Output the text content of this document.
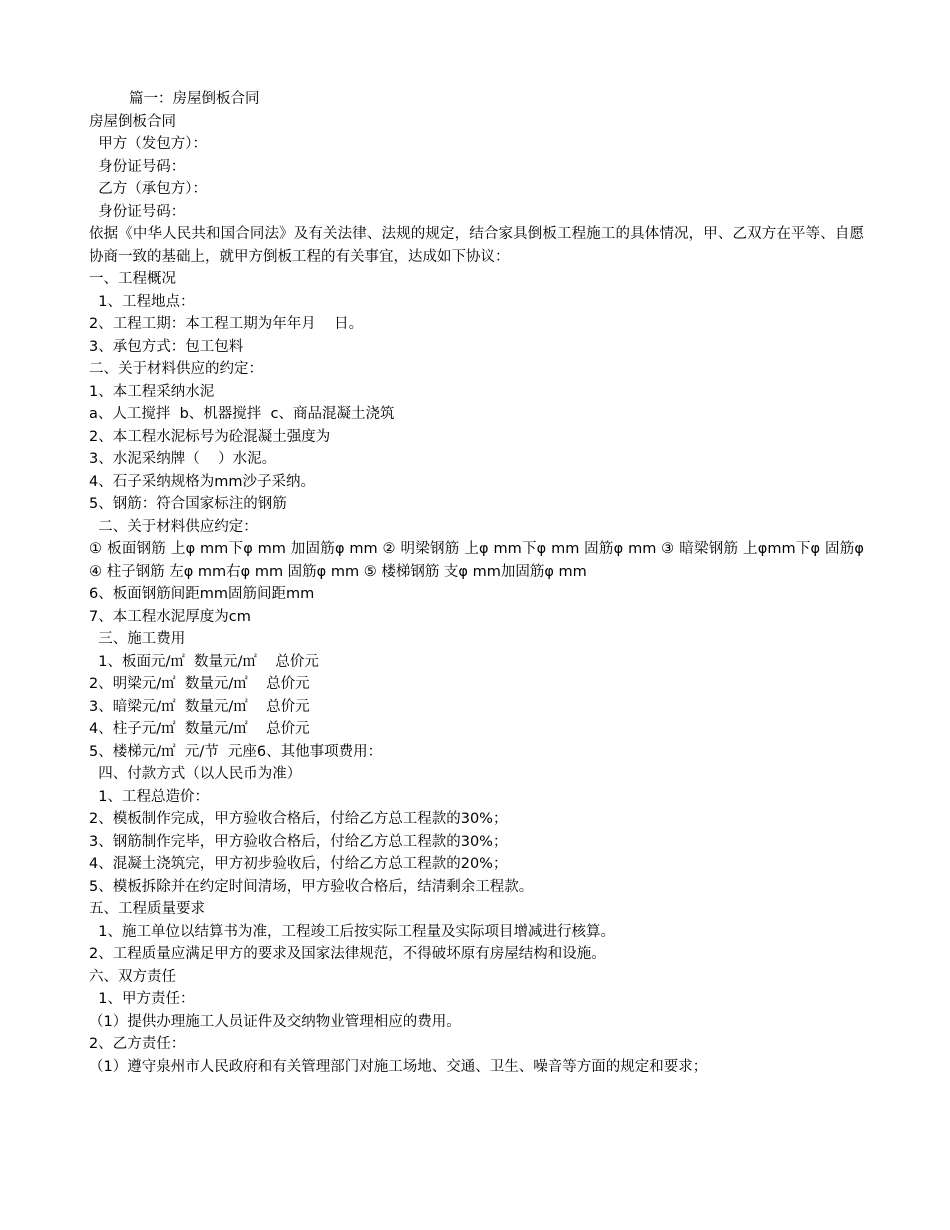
篇一：房屋倒板合同

房屋倒板合同

甲方（发包方）：

身份证号码：

乙方（承包方）：

身份证号码：

依据《中华人民共和国合同法》及有关法律、法规的规定，结合家具倒板工程施工的具体情况，甲、乙双方在平等、自愿协商一致的基础上，就甲方倒板工程的有关事宜，达成如下协议：

一、工程概况

1、工程地点：

2、工程工期：本工程工期为年年月    日。

3、承包方式：包工包料

二、关于材料供应的约定：

1、本工程采纳水泥

a、人工搅拌  b、机器搅拌  c、商品混凝土浇筑

2、本工程水泥标号为砼混凝土强度为

3、水泥采纳牌（    ）水泥。

4、石子采纳规格为mm沙子采纳。

5、钢筋：符合国家标注的钢筋

二、关于材料供应约定：

① 板面钢筋 上φ mm下φ mm 加固筋φ mm ② 明梁钢筋 上φ mm下φ mm 固筋φ mm ③ 暗梁钢筋 上φmm下φ 固筋φ④ 柱子钢筋 左φ mm右φ mm 固筋φ mm ⑤ 楼梯钢筋 支φ mm加固筋φ mm

6、板面钢筋间距mm固筋间距mm

7、本工程水泥厚度为cm

三、施工费用

1、板面元/㎡  数量元/㎡    总价元

2、明梁元/㎡  数量元/㎡    总价元

3、暗梁元/㎡  数量元/㎡    总价元

4、柱子元/㎡  数量元/㎡    总价元

5、楼梯元/㎡  元/节  元座6、其他事项费用：

四、付款方式（以人民币为准）

1、工程总造价：

2、模板制作完成，甲方验收合格后，付给乙方总工程款的30%；

3、钢筋制作完毕，甲方验收合格后，付给乙方总工程款的30%；

4、混凝土浇筑完，甲方初步验收后，付给乙方总工程款的20%；

5、模板拆除并在约定时间清场，甲方验收合格后，结清剩余工程款。

五、工程质量要求

1、施工单位以结算书为准，工程竣工后按实际工程量及实际项目增减进行核算。

2、工程质量应满足甲方的要求及国家法律规范，不得破坏原有房屋结构和设施。

六、双方责任

1、甲方责任：

（1）提供办理施工人员证件及交纳物业管理相应的费用。

2、乙方责任：

（1）遵守泉州市人民政府和有关管理部门对施工场地、交通、卫生、噪音等方面的规定和要求；
